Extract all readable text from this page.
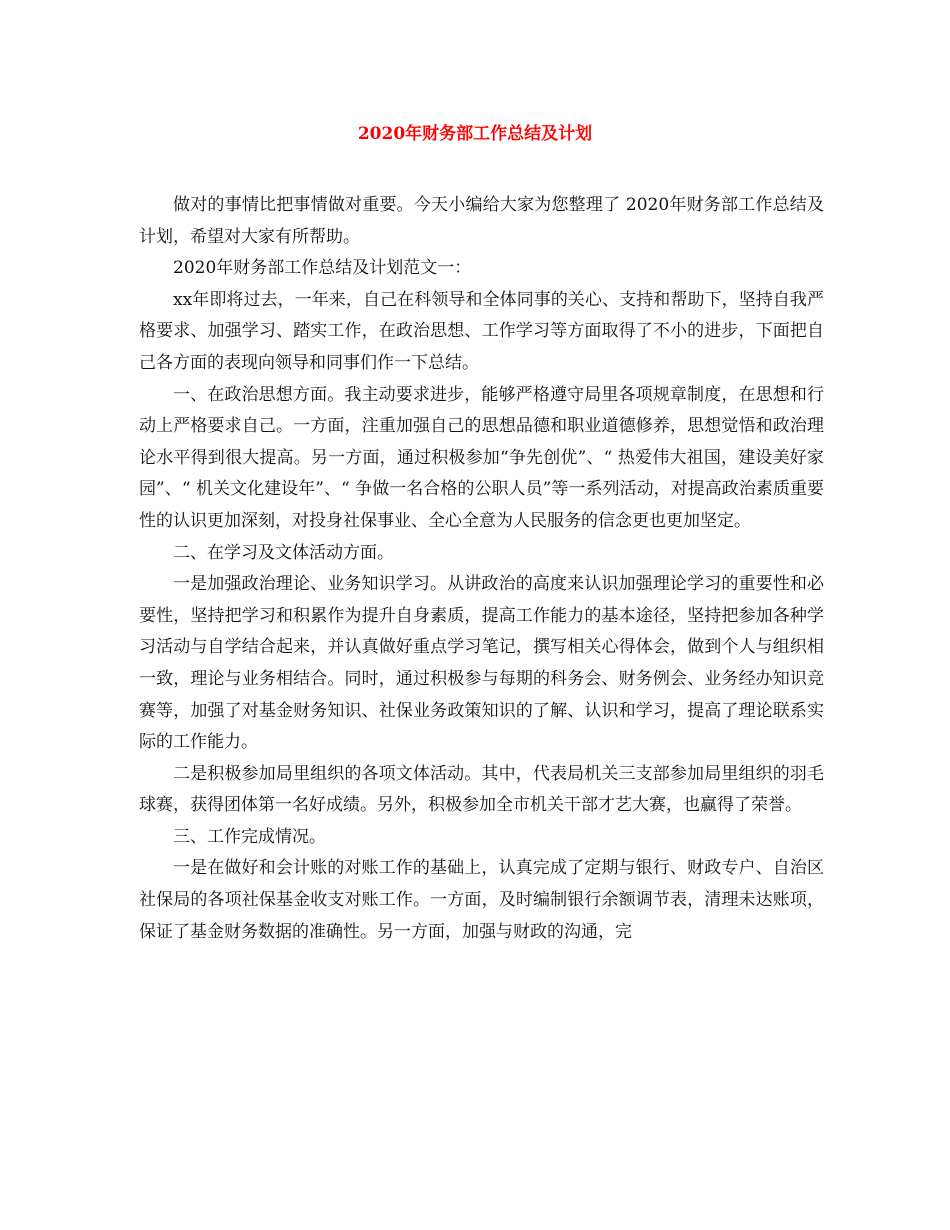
2020年财务部工作总结及计划

做对的事情比把事情做对重要。今天小编给大家为您整理了 2020年财务部工作总结及计划，希望对大家有所帮助。

2020年财务部工作总结及计划范文一：

xx年即将过去，一年来，自己在科领导和全体同事的关心、支持和帮助下，坚持自我严格要求、加强学习、踏实工作，在政治思想、工作学习等方面取得了不小的进步，下面把自己各方面的表现向领导和同事们作一下总结。

一、在政治思想方面。我主动要求进步，能够严格遵守局里各项规章制度，在思想和行动上严格要求自己。一方面，注重加强自己的思想品德和职业道德修养，思想觉悟和政治理论水平得到很大提高。另一方面，通过积极参加“争先创优”、“ 热爱伟大祖国，建设美好家园”、“ 机关文化建设年”、“ 争做一名合格的公职人员”等一系列活动，对提高政治素质重要性的认识更加深刻，对投身社保事业、全心全意为人民服务的信念更也更加坚定。

二、在学习及文体活动方面。

一是加强政治理论、业务知识学习。从讲政治的高度来认识加强理论学习的重要性和必要性，坚持把学习和积累作为提升自身素质，提高工作能力的基本途径，坚持把参加各种学习活动与自学结合起来，并认真做好重点学习笔记，撰写相关心得体会，做到个人与组织相一致，理论与业务相结合。同时，通过积极参与每期的科务会、财务例会、业务经办知识竞赛等，加强了对基金财务知识、社保业务政策知识的了解、认识和学习，提高了理论联系实际的工作能力。

二是积极参加局里组织的各项文体活动。其中，代表局机关三支部参加局里组织的羽毛球赛，获得团体第一名好成绩。另外，积极参加全市机关干部才艺大赛，也赢得了荣誉。

三、工作完成情况。

一是在做好和会计账的对账工作的基础上，认真完成了定期与银行、财政专户、自治区社保局的各项社保基金收支对账工作。一方面，及时编制银行余额调节表，清理未达账项，保证了基金财务数据的准确性。另一方面，加强与财政的沟通，完
